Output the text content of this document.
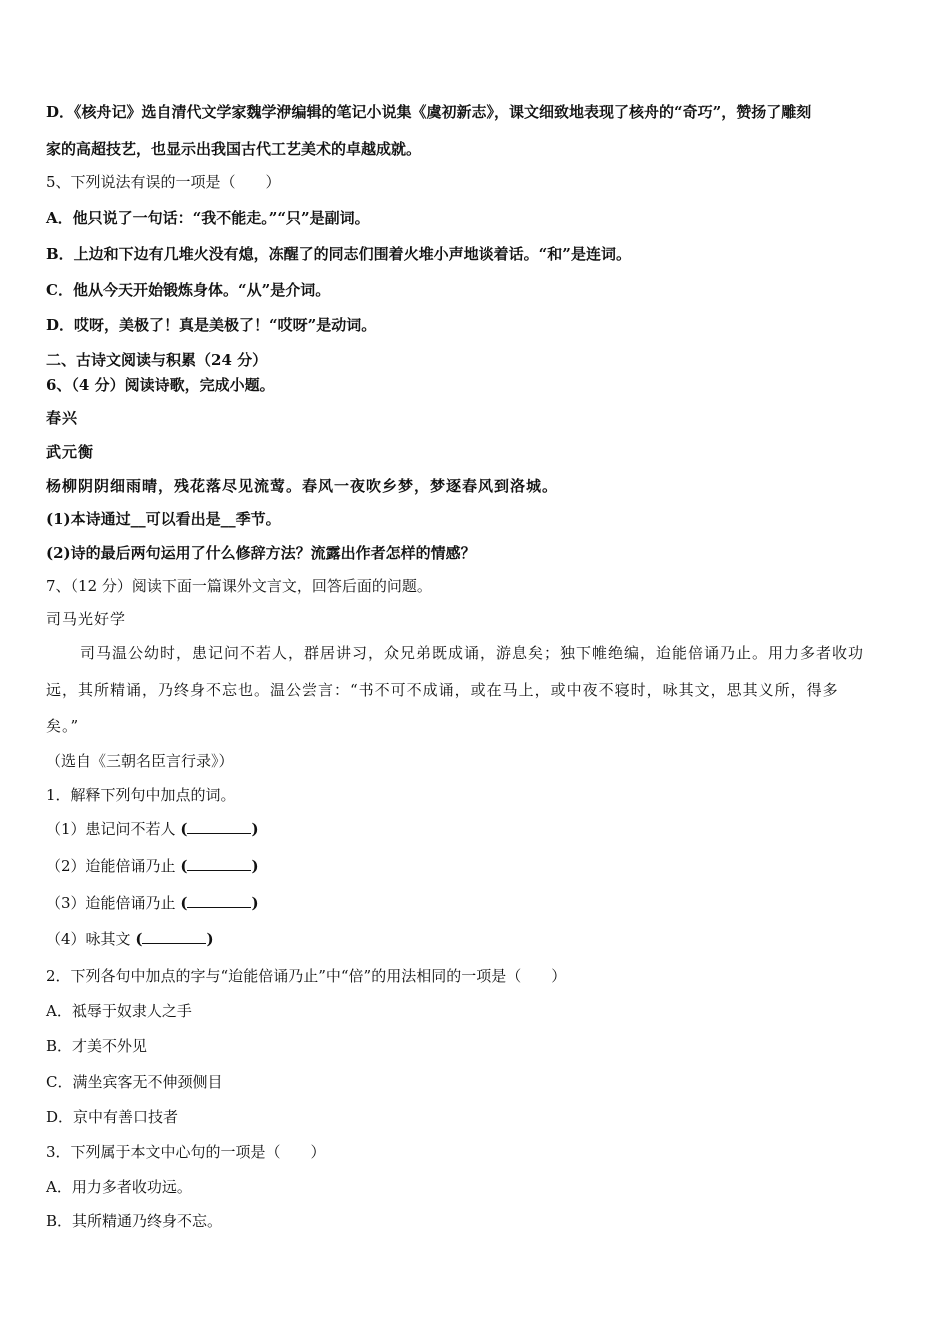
D．《核舟记》选自清代文学家魏学洢编辑的笔记小说集《虞初新志》，课文细致地表现了核舟的“奇巧”，赞扬了雕刻
家的高超技艺，也显示出我国古代工艺美术的卓越成就。
5、下列说法有误的一项是（　　）
A．他只说了一句话：“我不能走。”“只”是副词。
B．上边和下边有几堆火没有熄，冻醒了的同志们围着火堆小声地谈着话。“和”是连词。
C．他从今天开始锻炼身体。“从”是介词。
D．哎呀，美极了！真是美极了！“哎呀”是动词。
二、古诗文阅读与积累（24 分）
6、（4 分）阅读诗歌，完成小题。
春兴
武元衡
杨柳阴阴细雨晴，残花落尽见流莺。春风一夜吹乡梦，梦逐春风到洛城。
(1)本诗通过__可以看出是__季节。
(2)诗的最后两句运用了什么修辞方法？流露出作者怎样的情感？
7、（12 分）阅读下面一篇课外文言文，回答后面的问题。
司马光好学
司马温公幼时，患记问不若人，群居讲习，众兄弟既成诵，游息矣；独下帷绝编，迨能倍诵乃止。用力多者收功
远，其所精诵，乃终身不忘也。温公尝言：“书不可不成诵，或在马上，或中夜不寝时，咏其文，思其义所，得多
矣。”
（选自《三朝名臣言行录》）
1．解释下列句中加点的词。
（1）患记问不若人 (	)
（2）迨能倍诵乃止 (	)
（3）迨能倍诵乃止 (	)
（4）咏其文 (	)
2．下列各句中加点的字与“迨能倍诵乃止”中“倍”的用法相同的一项是（　　）
A．祗辱于奴隶人之手
B．才美不外见
C．满坐宾客无不伸颈侧目
D．京中有善口技者
3．下列属于本文中心句的一项是（　　）
A．用力多者收功远。
B．其所精通乃终身不忘。
